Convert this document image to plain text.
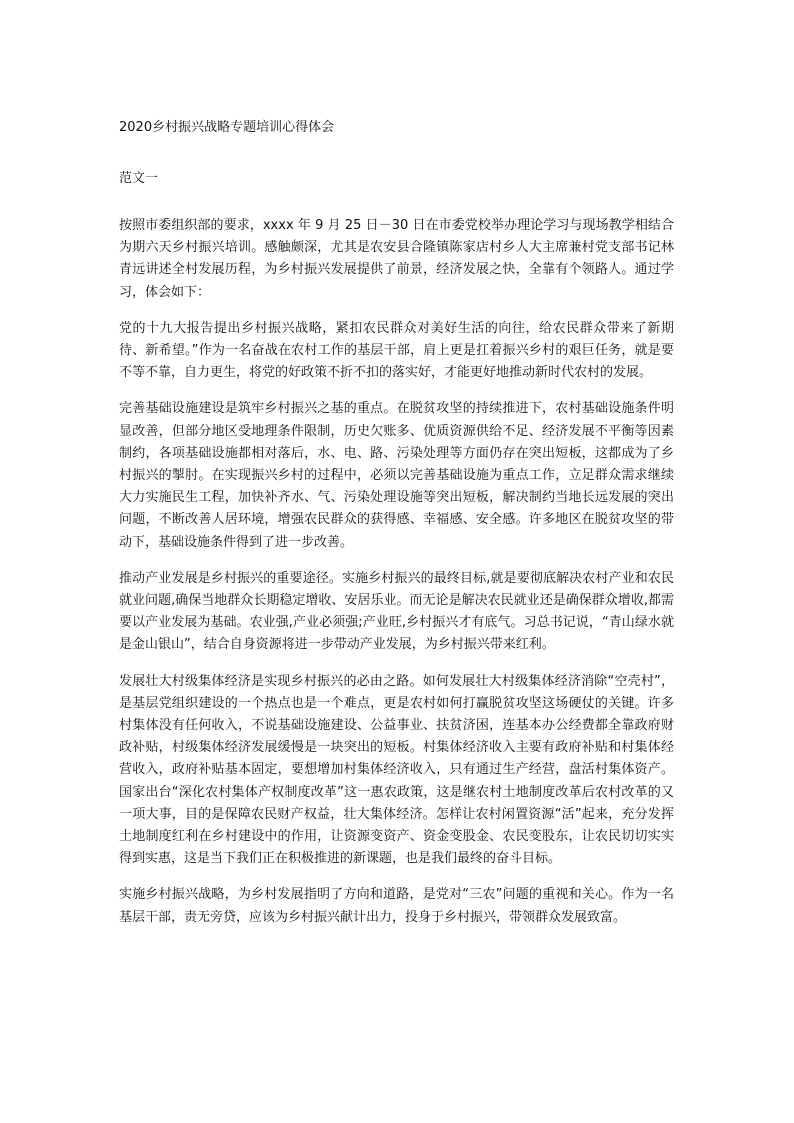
2020乡村振兴战略专题培训心得体会
范文一

按照市委组织部的要求，xxxx 年 9 月 25 日－30 日在市委党校举办理论学习与现场教学相结合为期六天乡村振兴培训。感触颇深，尤其是农安县合隆镇陈家店村乡人大主席兼村党支部书记林青远讲述全村发展历程，为乡村振兴发展提供了前景，经济发展之快，全靠有个领路人。通过学习，体会如下：

党的十九大报告提出乡村振兴战略，紧扣农民群众对美好生活的向往，给农民群众带来了新期待、新希望。”作为一名奋战在农村工作的基层干部，肩上更是扛着振兴乡村的艰巨任务，就是要不等不靠，自力更生，将党的好政策不折不扣的落实好，才能更好地推动新时代农村的发展。

完善基础设施建设是筑牢乡村振兴之基的重点。在脱贫攻坚的持续推进下，农村基础设施条件明显改善，但部分地区受地理条件限制，历史欠账多、优质资源供给不足、经济发展不平衡等因素制约，各项基础设施都相对落后，水、电、路、污染处理等方面仍存在突出短板，这都成为了乡村振兴的掣肘。在实现振兴乡村的过程中，必须以完善基础设施为重点工作，立足群众需求继续大力实施民生工程，加快补齐水、气、污染处理设施等突出短板，解决制约当地长远发展的突出问题，不断改善人居环境，增强农民群众的获得感、幸福感、安全感。许多地区在脱贫攻坚的带动下，基础设施条件得到了进一步改善。

推动产业发展是乡村振兴的重要途径。实施乡村振兴的最终目标,就是要彻底解决农村产业和农民就业问题,确保当地群众长期稳定增收、安居乐业。而无论是解决农民就业还是确保群众增收,都需要以产业发展为基础。农业强,产业必须强;产业旺,乡村振兴才有底气。习总书记说，“青山绿水就是金山银山”，结合自身资源将进一步带动产业发展，为乡村振兴带来红利。

发展壮大村级集体经济是实现乡村振兴的必由之路。如何发展壮大村级集体经济消除“空壳村”，是基层党组织建设的一个热点也是一个难点，更是农村如何打赢脱贫攻坚这场硬仗的关键。许多村集体没有任何收入，不说基础设施建设、公益事业、扶贫济困，连基本办公经费都全靠政府财政补贴，村级集体经济发展缓慢是一块突出的短板。村集体经济收入主要有政府补贴和村集体经营收入，政府补贴基本固定，要想增加村集体经济收入，只有通过生产经营，盘活村集体资产。国家出台“深化农村集体产权制度改革”这一惠农政策，这是继农村土地制度改革后农村改革的又一项大事，目的是保障农民财产权益，壮大集体经济。怎样让农村闲置资源“活”起来，充分发挥土地制度红利在乡村建设中的作用，让资源变资产、资金变股金、农民变股东，让农民切切实实得到实惠，这是当下我们正在积极推进的新课题，也是我们最终的奋斗目标。

实施乡村振兴战略，为乡村发展指明了方向和道路，是党对“三农”问题的重视和关心。作为一名基层干部，责无旁贷，应该为乡村振兴献计出力，投身于乡村振兴，带领群众发展致富。
